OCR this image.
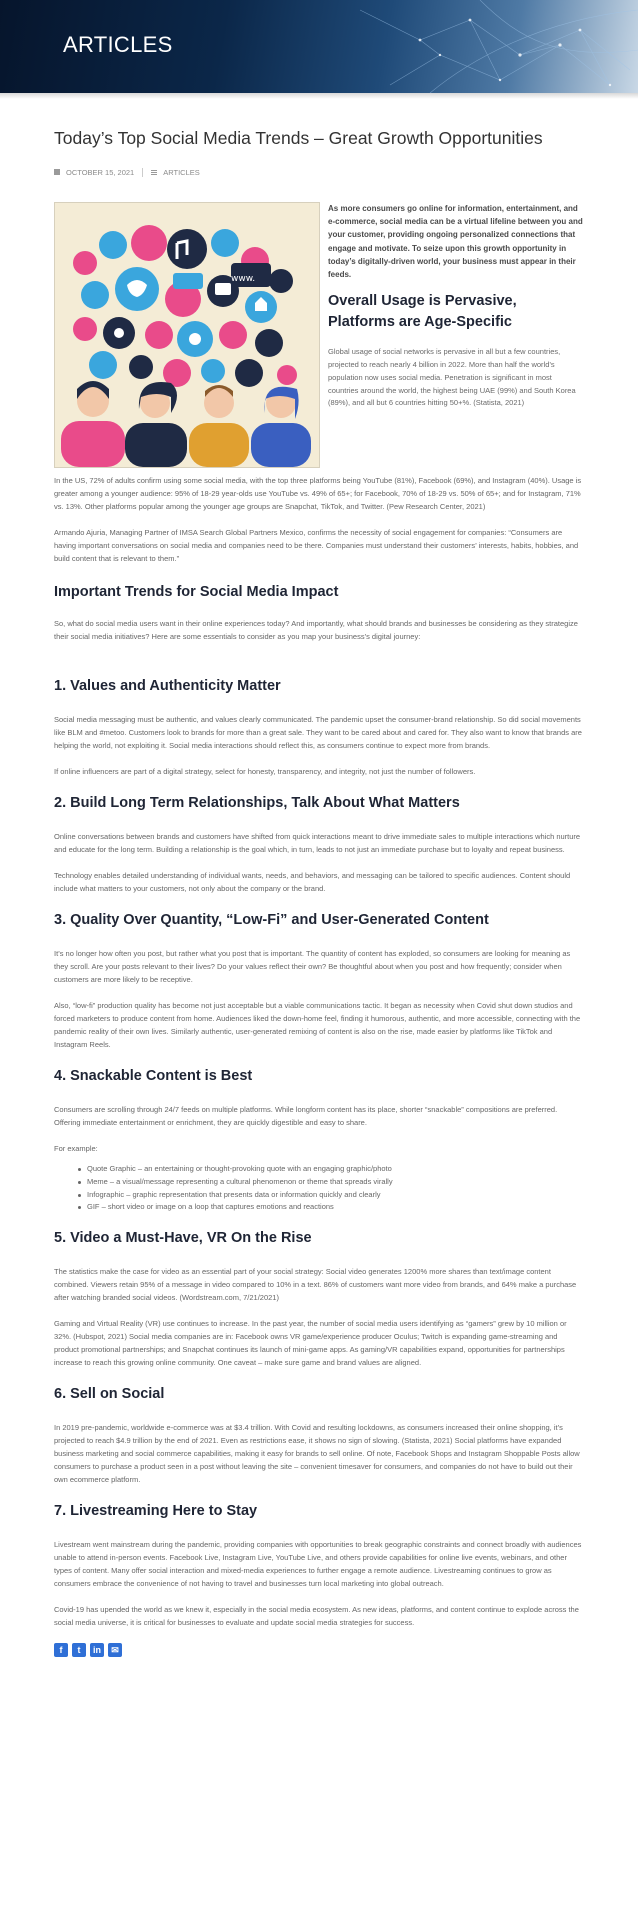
ARTICLES
Today’s Top Social Media Trends – Great Growth Opportunities
OCTOBER 15, 2021	ARTICLES
www.

As more consumers go online for information, entertainment, and e-commerce, social media can be a virtual lifeline between you and your customer, providing ongoing personalized connections that engage and motivate. To seize upon this growth opportunity in today’s digitally-driven world, your business must appear in their feeds.

Overall Usage is Pervasive, Platforms are Age-Specific

Global usage of social networks is pervasive in all but a few countries, projected to reach nearly 4 billion in 2022. More than half the world’s population now uses social media. Penetration is significant in most countries around the world, the highest being UAE (99%) and South Korea (89%), and all but 6 countries hitting 50+%. (Statista, 2021)

In the US, 72% of adults confirm using some social media, with the top three platforms being YouTube (81%), Facebook (69%), and Instagram (40%). Usage is greater among a younger audience: 95% of 18-29 year-olds use YouTube vs. 49% of 65+; for Facebook, 70% of 18-29 vs. 50% of 65+; and for Instagram, 71% vs. 13%. Other platforms popular among the younger age groups are Snapchat, TikTok, and Twitter. (Pew Research Center, 2021)

Armando Ajuria, Managing Partner of IMSA Search Global Partners Mexico, confirms the necessity of social engagement for companies: “Consumers are having important conversations on social media and companies need to be there. Companies must understand their customers’ interests, habits, hobbies, and build content that is relevant to them.”

Important Trends for Social Media Impact

So, what do social media users want in their online experiences today? And importantly, what should brands and businesses be considering as they strategize their social media initiatives? Here are some essentials to consider as you map your business’s digital journey:

1. Values and Authenticity Matter

Social media messaging must be authentic, and values clearly communicated. The pandemic upset the consumer-brand relationship. So did social movements like BLM and #metoo. Customers look to brands for more than a great sale. They want to be cared about and cared for. They also want to know that brands are helping the world, not exploiting it. Social media interactions should reflect this, as consumers continue to expect more from brands.

If online influencers are part of a digital strategy, select for honesty, transparency, and integrity, not just the number of followers.

2. Build Long Term Relationships, Talk About What Matters

Online conversations between brands and customers have shifted from quick interactions meant to drive immediate sales to multiple interactions which nurture and educate for the long term. Building a relationship is the goal which, in turn, leads to not just an immediate purchase but to loyalty and repeat business.

Technology enables detailed understanding of individual wants, needs, and behaviors, and messaging can be tailored to specific audiences. Content should include what matters to your customers, not only about the company or the brand.

3. Quality Over Quantity, “Low-Fi” and User-Generated Content

It’s no longer how often you post, but rather what you post that is important. The quantity of content has exploded, so consumers are looking for meaning as they scroll. Are your posts relevant to their lives? Do your values reflect their own? Be thoughtful about when you post and how frequently; consider when customers are more likely to be receptive.

Also, “low-fi” production quality has become not just acceptable but a viable communications tactic. It began as necessity when Covid shut down studios and forced marketers to produce content from home. Audiences liked the down-home feel, finding it humorous, authentic, and more accessible, connecting with the pandemic reality of their own lives. Similarly authentic, user-generated remixing of content is also on the rise, made easier by platforms like TikTok and Instagram Reels.

4. Snackable Content is Best

Consumers are scrolling through 24/7 feeds on multiple platforms. While longform content has its place, shorter “snackable” compositions are preferred. Offering immediate entertainment or enrichment, they are quickly digestible and easy to share.

For example:

Quote Graphic – an entertaining or thought-provoking quote with an engaging graphic/photo
Meme – a visual/message representing a cultural phenomenon or theme that spreads virally
Infographic – graphic representation that presents data or information quickly and clearly
GIF – short video or image on a loop that captures emotions and reactions
5. Video a Must-Have, VR On the Rise

The statistics make the case for video as an essential part of your social strategy: Social video generates 1200% more shares than text/image content combined. Viewers retain 95% of a message in video compared to 10% in a text. 86% of customers want more video from brands, and 64% make a purchase after watching branded social videos. (Wordstream.com, 7/21/2021)

Gaming and Virtual Reality (VR) use continues to increase. In the past year, the number of social media users identifying as “gamers” grew by 10 million or 32%. (Hubspot, 2021) Social media companies are in: Facebook owns VR game/experience producer Oculus; Twitch is expanding game-streaming and product promotional partnerships; and Snapchat continues its launch of mini-game apps. As gaming/VR capabilities expand, opportunities for partnerships increase to reach this growing online community. One caveat – make sure game and brand values are aligned.

6. Sell on Social

In 2019 pre-pandemic, worldwide e-commerce was at $3.4 trillion. With Covid and resulting lockdowns, as consumers increased their online shopping, it’s projected to reach $4.9 trillion by the end of 2021. Even as restrictions ease, it shows no sign of slowing. (Statista, 2021) Social platforms have expanded business marketing and social commerce capabilities, making it easy for brands to sell online. Of note, Facebook Shops and Instagram Shoppable Posts allow consumers to purchase a product seen in a post without leaving the site – convenient timesaver for consumers, and companies do not have to build out their own ecommerce platform.

7. Livestreaming Here to Stay

Livestream went mainstream during the pandemic, providing companies with opportunities to break geographic constraints and connect broadly with audiences unable to attend in-person events. Facebook Live, Instagram Live, YouTube Live, and others provide capabilities for online live events, webinars, and other types of content. Many offer social interaction and mixed-media experiences to further engage a remote audience. Livestreaming continues to grow as consumers embrace the convenience of not having to travel and businesses turn local marketing into global outreach.

Covid-19 has upended the world as we knew it, especially in the social media ecosystem. As new ideas, platforms, and content continue to explode across the social media universe, it is critical for businesses to evaluate and update social media strategies for success.

f	t	in	✉
